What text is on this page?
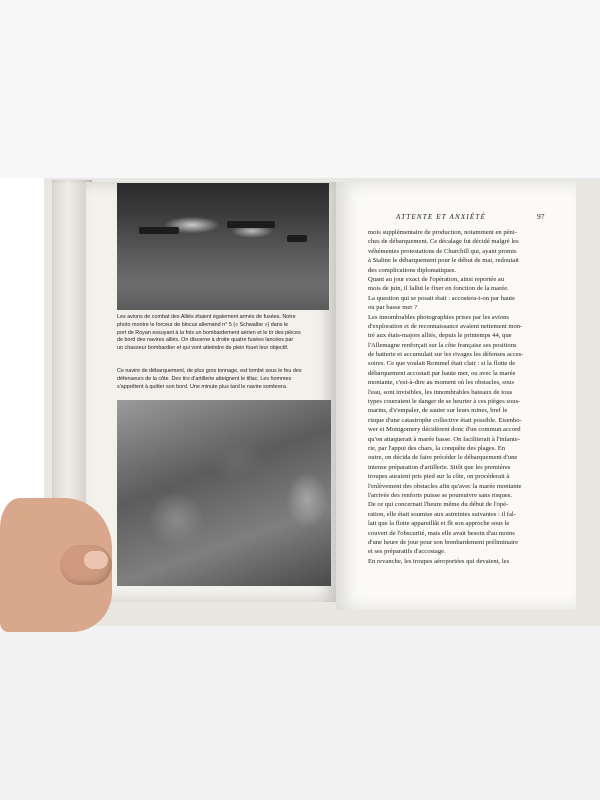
Les avions de combat des Alliés étaient également armés de fusées. Notre
photo montre le forceur de blocus allemand n° 5 (« Schwalbe ») dans le
port de Royan essuyant à la fois un bombardement aérien et le tir des pièces
de bord des navires alliés. On discerne à droite quatre fusées lancées par
un chasseur bombardier et qui vont atteindre de plein fouet leur objectif.
Ce navire de débarquement, de plus gros tonnage, est tombé sous le feu des
défenseurs de la côte. Des tirs d'artillerie atteignent le tillac. Les hommes
s'apprêtent à quitter son bord. Une minute plus tard le navire sombrera.
ATTENTE ET ANXIÉTÉ	97
mois supplémentaire de production, notamment en péni-
ches de débarquement. Ce décalage fut décidé malgré les
véhémentes protestations de Churchill qui, ayant promis
à Staline le débarquement pour le début de mai, redoutait
des complications diplomatiques.
Quant au jour exact de l'opération, ainsi reportée au
mois de juin, il fallut le fixer en fonction de la marée.
La question qui se posait était : accostera-t-on par haute
ou par basse mer ?
Les innombrables photographies prises par les avions
d'exploration et de reconnaissance avaient nettement mon-
tré aux états-majors alliés, depuis le printemps 44, que
l'Allemagne renforçait sur la côte française ses positions
de batterie et accumulait sur les rivages les défenses acces-
soires. Ce que voulait Rommel était clair : si la flotte de
débarquement accostait par haute mer, ou avec la marée
montante, c'est-à-dire au moment où les obstacles, sous
l'eau, sont invisibles, les innombrables bateaux de tous
types courraient le danger de se heurter à ces pièges sous-
marins, d's'empaler, de sauter sur leurs mines, bref le
risque d'une catastrophe collective était possible. Eisenho-
wer et Montgomery décidèrent donc d'un commun accord
qu'on attaquerait à marée basse. On faciliterait à l'infante-
rie, par l'appui des chars, la conquête des plages. En
outre, on décida de faire précéder le débarquement d'une
intense préparation d'artillerie. Sitôt que les premières
troupes auraient pris pied sur la côte, on procéderait à
l'enlèvement des obstacles afin qu'avec la marée montante
l'arrivée des renforts puisse se poursuivre sans risques.
De ce qui concernait l'heure même du début de l'opé-
ration, elle était soumise aux astreintes suivantes : il fal-
lait que la flotte appareillât et fît son approche sous le
couvert de l'obscurité, mais elle avait besoin d'au moins
d'une heure de jour pour son bombardement préliminaire
et ses préparatifs d'accostage.
En revanche, les troupes aéroportées qui devaient, les
